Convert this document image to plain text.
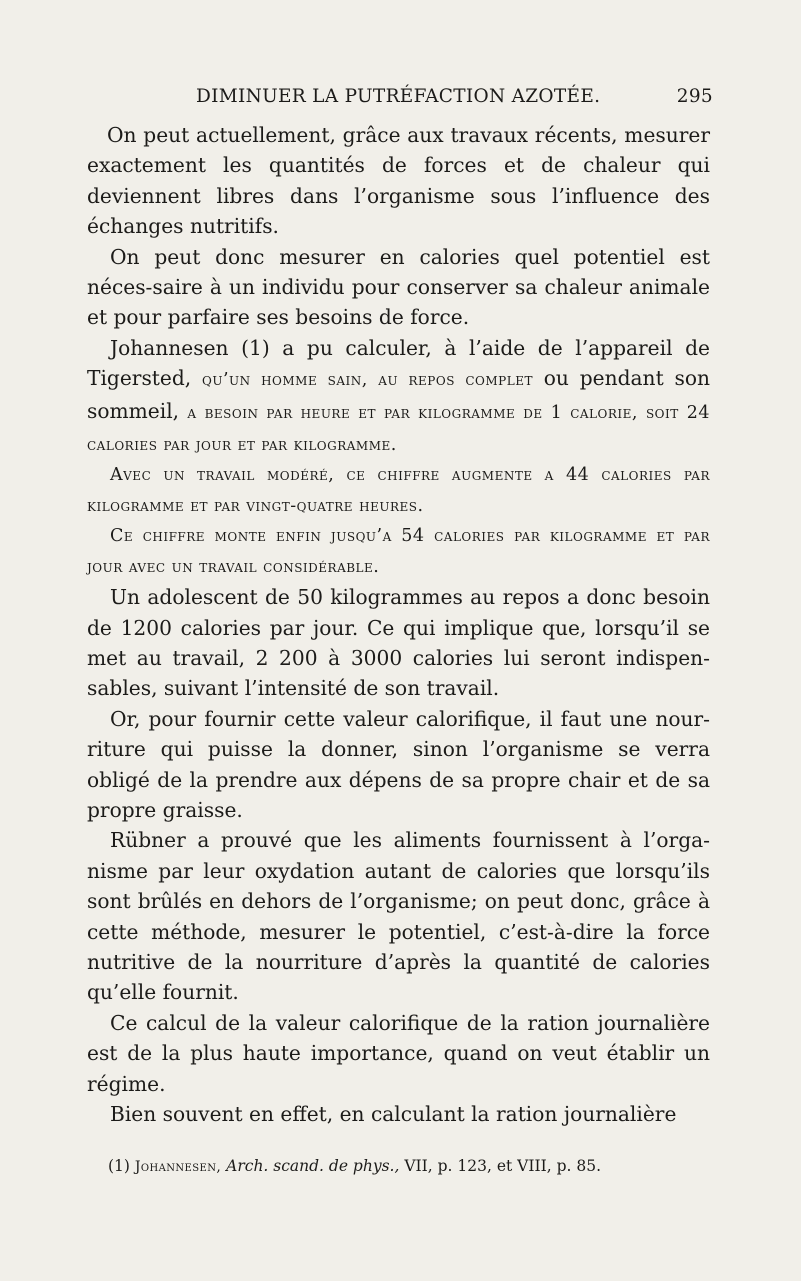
DIMINUER LA PUTRÉFACTION AZOTÉE.	295

On peut actuellement, grâce aux travaux récents, mesurer exactement les quantités de forces et de chaleur qui deviennent libres dans l’organisme sous l’influence des échanges nutritifs.

On peut donc mesurer en calories quel potentiel est néces-saire à un individu pour conserver sa chaleur animale et pour parfaire ses besoins de force.

Johannesen (1) a pu calculer, à l’aide de l’appareil de Tigersted, qu’un homme sain, au repos complet ou pendant son sommeil, a besoin par heure et par kilogramme de 1 calorie, soit 24 calories par jour et par kilogramme.

Avec un travail modéré, ce chiffre augmente a 44 calories par kilogramme et par vingt-quatre heures.

Ce chiffre monte enfin jusqu’a 54 calories par kilogramme et par jour avec un travail considérable.

Un adolescent de 50 kilogrammes au repos a donc besoin de 1200 calories par jour. Ce qui implique que, lorsqu’il se met au travail, 2 200 à 3000 calories lui seront indispen-sables, suivant l’intensité de son travail.

Or, pour fournir cette valeur calorifique, il faut une nour-riture qui puisse la donner, sinon l’organisme se verra obligé de la prendre aux dépens de sa propre chair et de sa propre graisse.

Rübner a prouvé que les aliments fournissent à l’orga-nisme par leur oxydation autant de calories que lorsqu’ils sont brûlés en dehors de l’organisme; on peut donc, grâce à cette méthode, mesurer le potentiel, c’est-à-dire la force nutritive de la nourriture d’après la quantité de calories qu’elle fournit.

Ce calcul de la valeur calorifique de la ration journalière est de la plus haute importance, quand on veut établir un régime.

Bien souvent en effet, en calculant la ration journalière

(1) Johannesen, Arch. scand. de phys., VII, p. 123, et VIII, p. 85.
